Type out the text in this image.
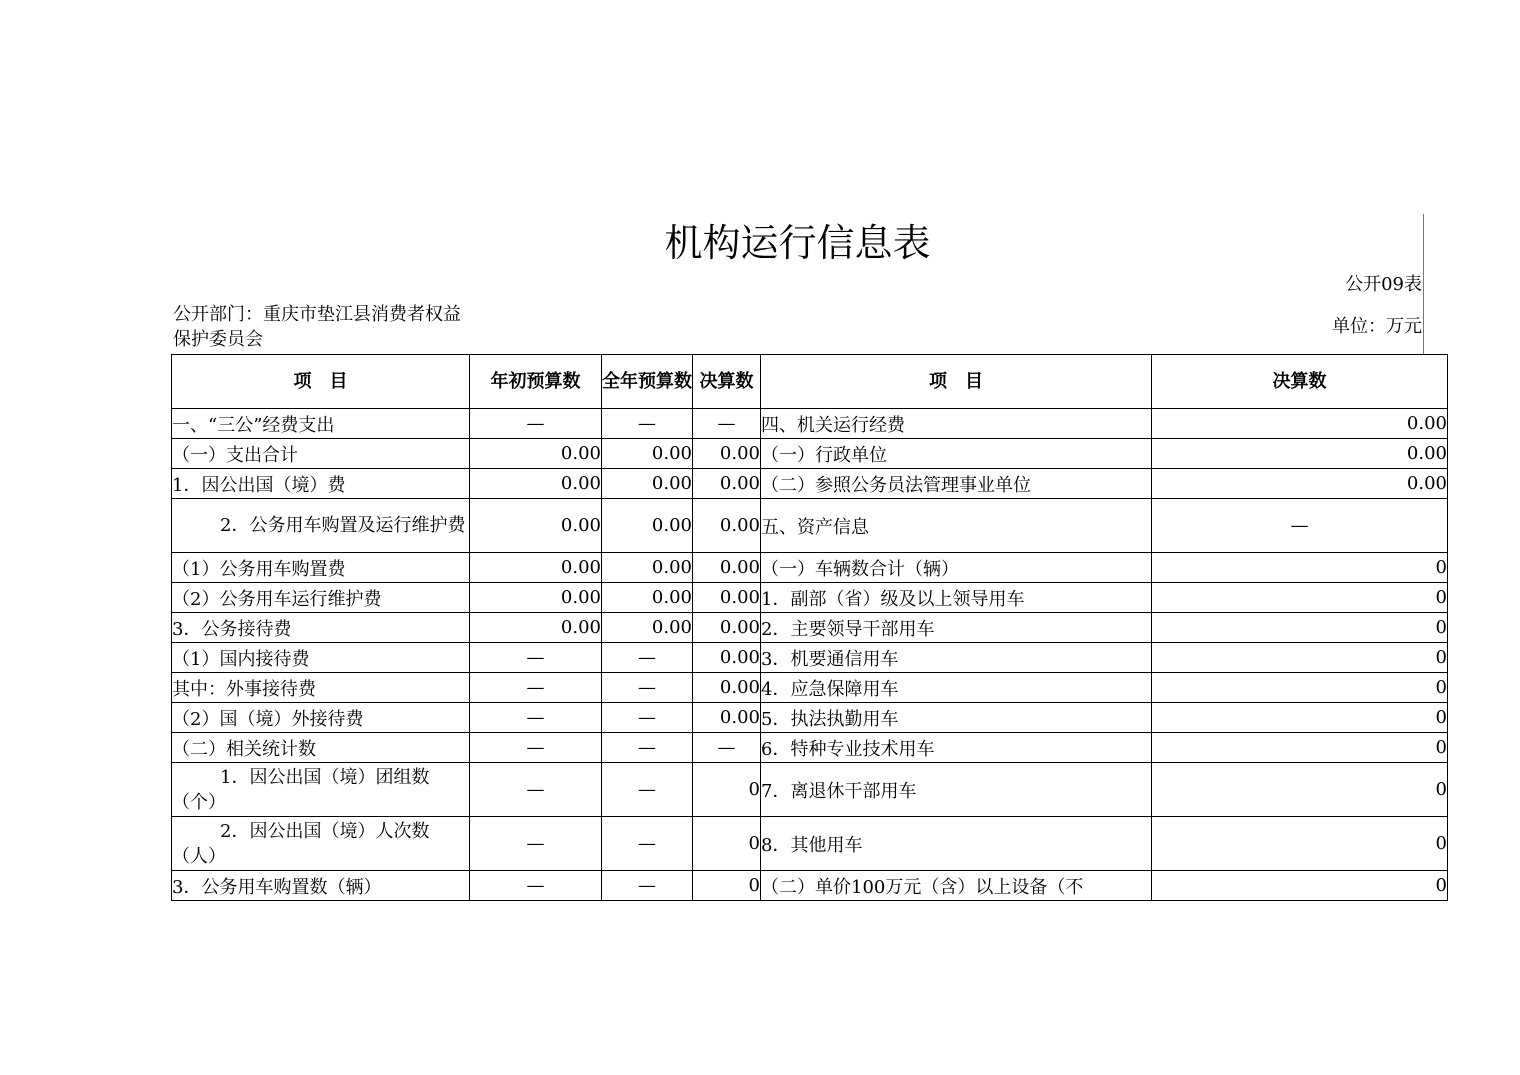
机构运行信息表
公开09表
公开部门：重庆市垫江县消费者权益保护委员会
单位：万元
项　目	年初预算数	全年预算数	决算数	项　目	决算数
一、“三公”经费支出	—	—	—	四、机关运行经费	0.00
（一）支出合计	0.00	0.00	0.00	（一）行政单位	0.00
1．因公出国（境）费	0.00	0.00	0.00	（二）参照公务员法管理事业单位	0.00
2．公务用车购置及运行维护费	0.00	0.00	0.00	五、资产信息	—
（1）公务用车购置费	0.00	0.00	0.00	（一）车辆数合计（辆）	0
（2）公务用车运行维护费	0.00	0.00	0.00	1．副部（省）级及以上领导用车	0
3．公务接待费	0.00	0.00	0.00	2．主要领导干部用车	0
（1）国内接待费	—	—	0.00	3．机要通信用车	0
其中：外事接待费	—	—	0.00	4．应急保障用车	0
（2）国（境）外接待费	—	—	0.00	5．执法执勤用车	0
（二）相关统计数	—	—	—	6．特种专业技术用车	0
1．因公出国（境）团组数（个）	—	—	0	7．离退休干部用车	0
2．因公出国（境）人次数（人）	—	—	0	8．其他用车	0
3．公务用车购置数（辆）	—	—	0	（二）单价100万元（含）以上设备（不	0
